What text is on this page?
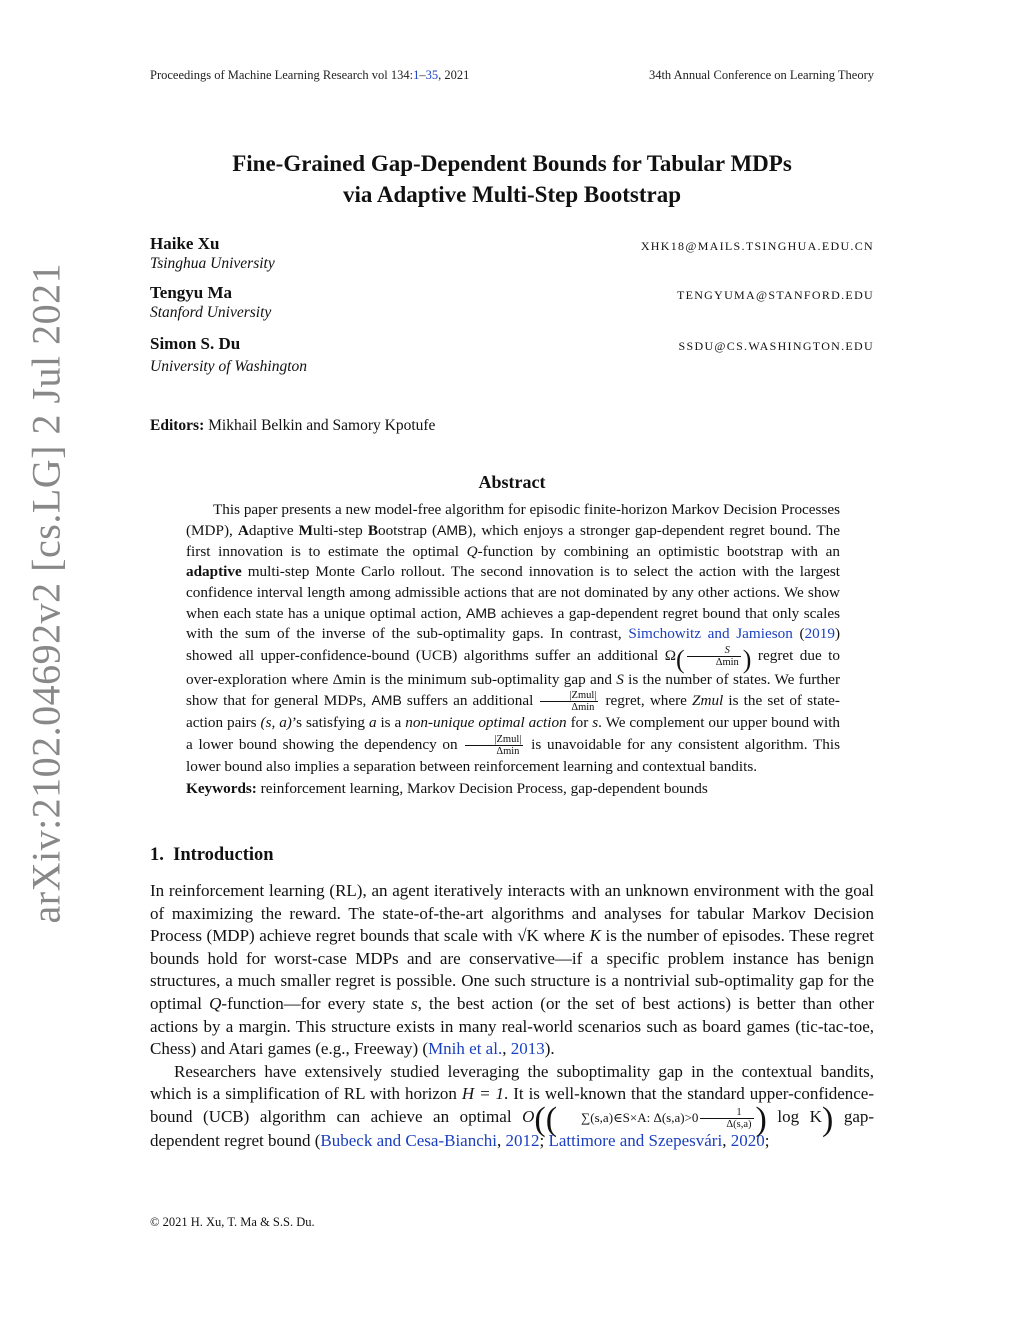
Proceedings of Machine Learning Research vol 134:1–35, 2021	34th Annual Conference on Learning Theory
arXiv:2102.04692v2 [cs.LG] 2 Jul 2021
Fine-Grained Gap-Dependent Bounds for Tabular MDPs
via Adaptive Multi-Step Bootstrap
Haike Xu	XHK18@MAILS.TSINGHUA.EDU.CN
Tsinghua University
Tengyu Ma	TENGYUMA@STANFORD.EDU
Stanford University
Simon S. Du	SSDU@CS.WASHINGTON.EDU
University of Washington
Editors: Mikhail Belkin and Samory Kpotufe
Abstract

This paper presents a new model-free algorithm for episodic finite-horizon Markov Decision Processes (MDP), Adaptive Multi-step Bootstrap (AMB), which enjoys a stronger gap-dependent regret bound. The first innovation is to estimate the optimal Q-function by combining an optimistic bootstrap with an adaptive multi-step Monte Carlo rollout. The second innovation is to select the action with the largest confidence interval length among admissible actions that are not dominated by any other actions. We show when each state has a unique optimal action, AMB achieves a gap-dependent regret bound that only scales with the sum of the inverse of the sub-optimality gaps. In contrast, Simchowitz and Jamieson (2019) showed all upper-confidence-bound (UCB) algorithms suffer an additional $\Omega( \frac{S}{\Delta\min}$ ) regret due to over-exploration where Δmin is the minimum sub-optimality gap and S is the number of states. We further show that for general MDPs, AMB suffers an additional $\frac{\text{|Zmul|}}{\Delta\min}$ regret, where Zmul is the set of state-action pairs (s, a)’s satisfying a is a non-unique optimal action for s. We complement our upper bound with a lower bound showing the dependency on $\frac{\text{|Zmul|}}{\Delta\min}$ is unavoidable for any consistent algorithm. This lower bound also implies a separation between reinforcement learning and contextual bandits.

Keywords: reinforcement learning, Markov Decision Process, gap-dependent bounds
1. Introduction

In reinforcement learning (RL), an agent iteratively interacts with an unknown environment with the goal of maximizing the reward. The state-of-the-art algorithms and analyses for tabular Markov Decision Process (MDP) achieve regret bounds that scale with √K where K is the number of episodes. These regret bounds hold for worst-case MDPs and are conservative—if a specific problem instance has benign structures, a much smaller regret is possible. One such structure is a nontrivial sub-optimality gap for the optimal Q-function—for every state s, the best action (or the set of best actions) is better than other actions by a margin. This structure exists in many real-world scenarios such as board games (tic-tac-toe, Chess) and Atari games (e.g., Freeway) (Mnih et al., 2013).

Researchers have extensively studied leveraging the suboptimality gap in the contextual bandits, which is a simplification of RL with horizon H = 1. It is well-known that the standard upper-confidence-bound (UCB) algorithm can achieve an optimal O(( ∑(s,a)∈S×A: $\Delta(s,a)>0 \frac{1}{\Delta(s,a)}$ ) log K) gap-dependent regret bound (Bubeck and Cesa-Bianchi, 2012; Lattimore and Szepesvári, 2020;

© 2021 H. Xu, T. Ma & S.S. Du.
